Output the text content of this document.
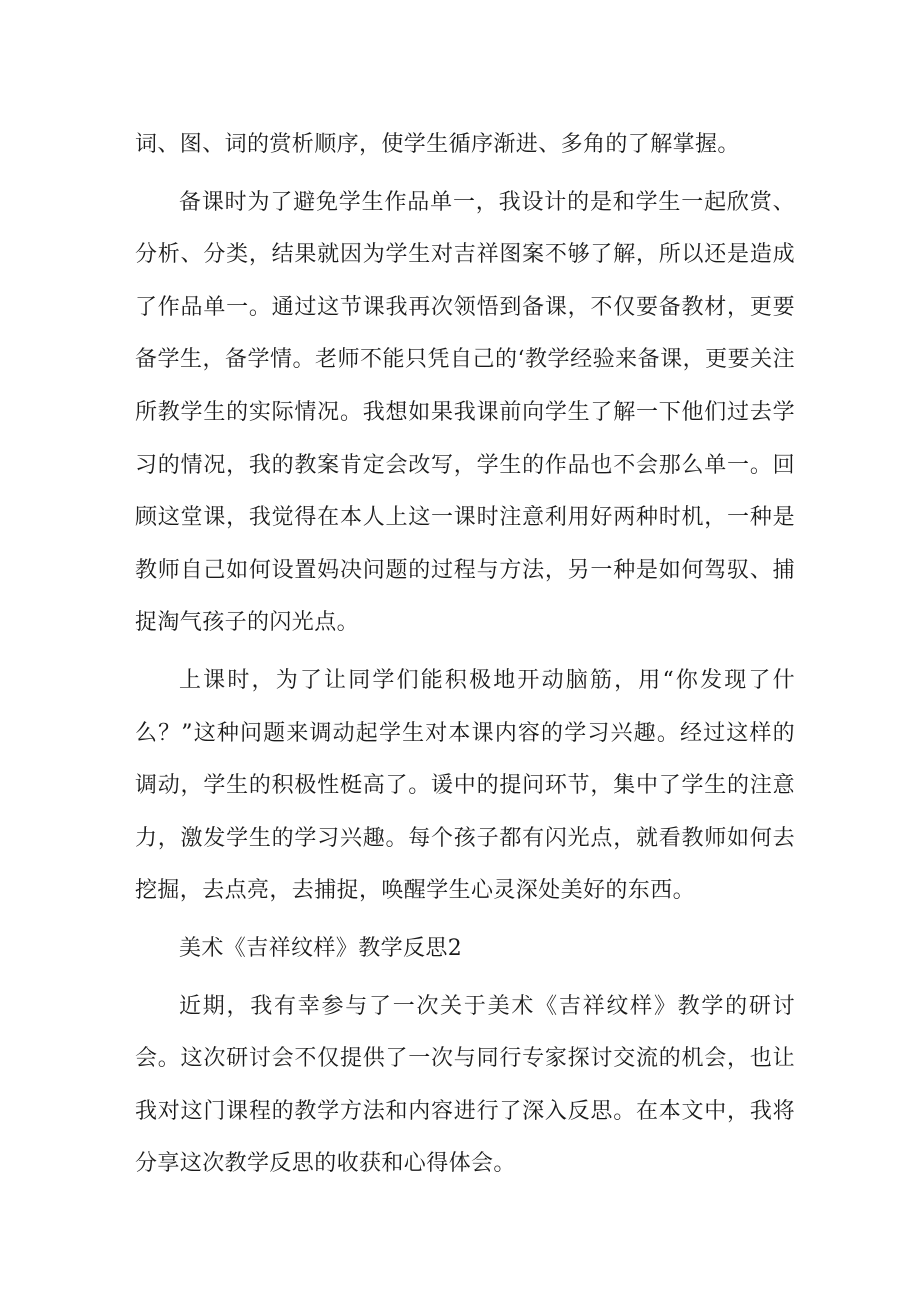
词、图、词的赏析顺序，使学生循序渐进、多角的了解掌握。

备课时为了避免学生作品单一，我设计的是和学生一起欣赏、分析、分类，结果就因为学生对吉祥图案不够了解，所以还是造成了作品单一。通过这节课我再次领悟到备课，不仅要备教材，更要备学生，备学情。老师不能只凭自己的‘教学经验来备课，更要关注所教学生的实际情况。我想如果我课前向学生了解一下他们过去学习的情况，我的教案肯定会改写，学生的作品也不会那么单一。回顾这堂课，我觉得在本人上这一课时注意利用好两种时机，一种是教师自己如何设置妈决问题的过程与方法，另一种是如何驾驭、捕捉淘气孩子的闪光点。

上课时，为了让同学们能积极地开动脑筋，用“你发现了什么？”这种问题来调动起学生对本课内容的学习兴趣。经过这样的调动，学生的积极性梃高了。谖中的提问环节，集中了学生的注意力，激发学生的学习兴趣。每个孩子都有闪光点，就看教师如何去挖掘，去点亮，去捕捉，唤醒学生心灵深处美好的东西。

美术《吉祥纹样》教学反思2

近期，我有幸参与了一次关于美术《吉祥纹样》教学的研讨会。这次研讨会不仅提供了一次与同行专家探讨交流的机会，也让我对这门课程的教学方法和内容进行了深入反思。在本文中，我将分享这次教学反思的收获和心得体会。
